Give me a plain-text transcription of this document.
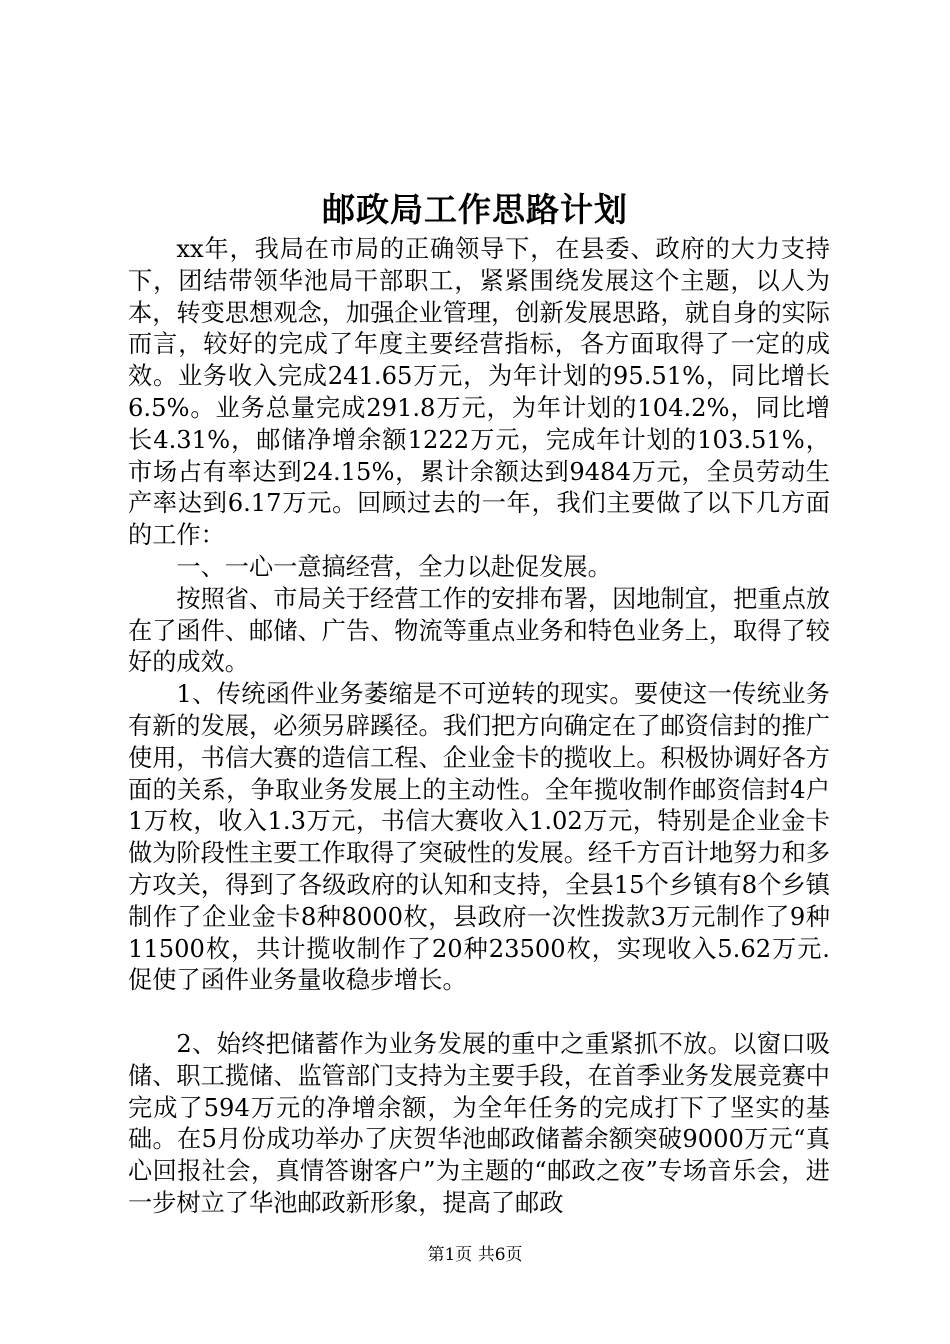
邮政局工作思路计划

xx年，我局在市局的正确领导下，在县委、政府的大力支持下，团结带领华池局干部职工，紧紧围绕发展这个主题，以人为本，转变思想观念，加强企业管理，创新发展思路，就自身的实际而言，较好的完成了年度主要经营指标，各方面取得了一定的成效。业务收入完成241.65万元，为年计划的95.51%，同比增长6.5%。业务总量完成291.8万元，为年计划的104.2%，同比增长4.31%，邮储净增余额1222万元，完成年计划的103.51%，市场占有率达到24.15%，累计余额达到9484万元，全员劳动生产率达到6.17万元。回顾过去的一年，我们主要做了以下几方面的工作：

一、一心一意搞经营，全力以赴促发展。

按照省、市局关于经营工作的安排布署，因地制宜，把重点放在了函件、邮储、广告、物流等重点业务和特色业务上，取得了较好的成效。

1、传统函件业务萎缩是不可逆转的现实。要使这一传统业务有新的发展，必须另辟蹊径。我们把方向确定在了邮资信封的推广使用，书信大赛的造信工程、企业金卡的揽收上。积极协调好各方面的关系，争取业务发展上的主动性。全年揽收制作邮资信封4户1万枚，收入1.3万元，书信大赛收入1.02万元，特别是企业金卡做为阶段性主要工作取得了突破性的发展。经千方百计地努力和多方攻关，得到了各级政府的认知和支持，全县15个乡镇有8个乡镇制作了企业金卡8种8000枚，县政府一次性拨款3万元制作了9种11500枚，共计揽收制作了20种23500枚，实现收入5.62万元.促使了函件业务量收稳步增长。

2、始终把储蓄作为业务发展的重中之重紧抓不放。以窗口吸储、职工揽储、监管部门支持为主要手段，在首季业务发展竞赛中完成了594万元的净增余额，为全年任务的完成打下了坚实的基础。在5月份成功举办了庆贺华池邮政储蓄余额突破9000万元“真心回报社会，真情答谢客户”为主题的“邮政之夜”专场音乐会，进一步树立了华池邮政新形象，提高了邮政

第1页 共6页
